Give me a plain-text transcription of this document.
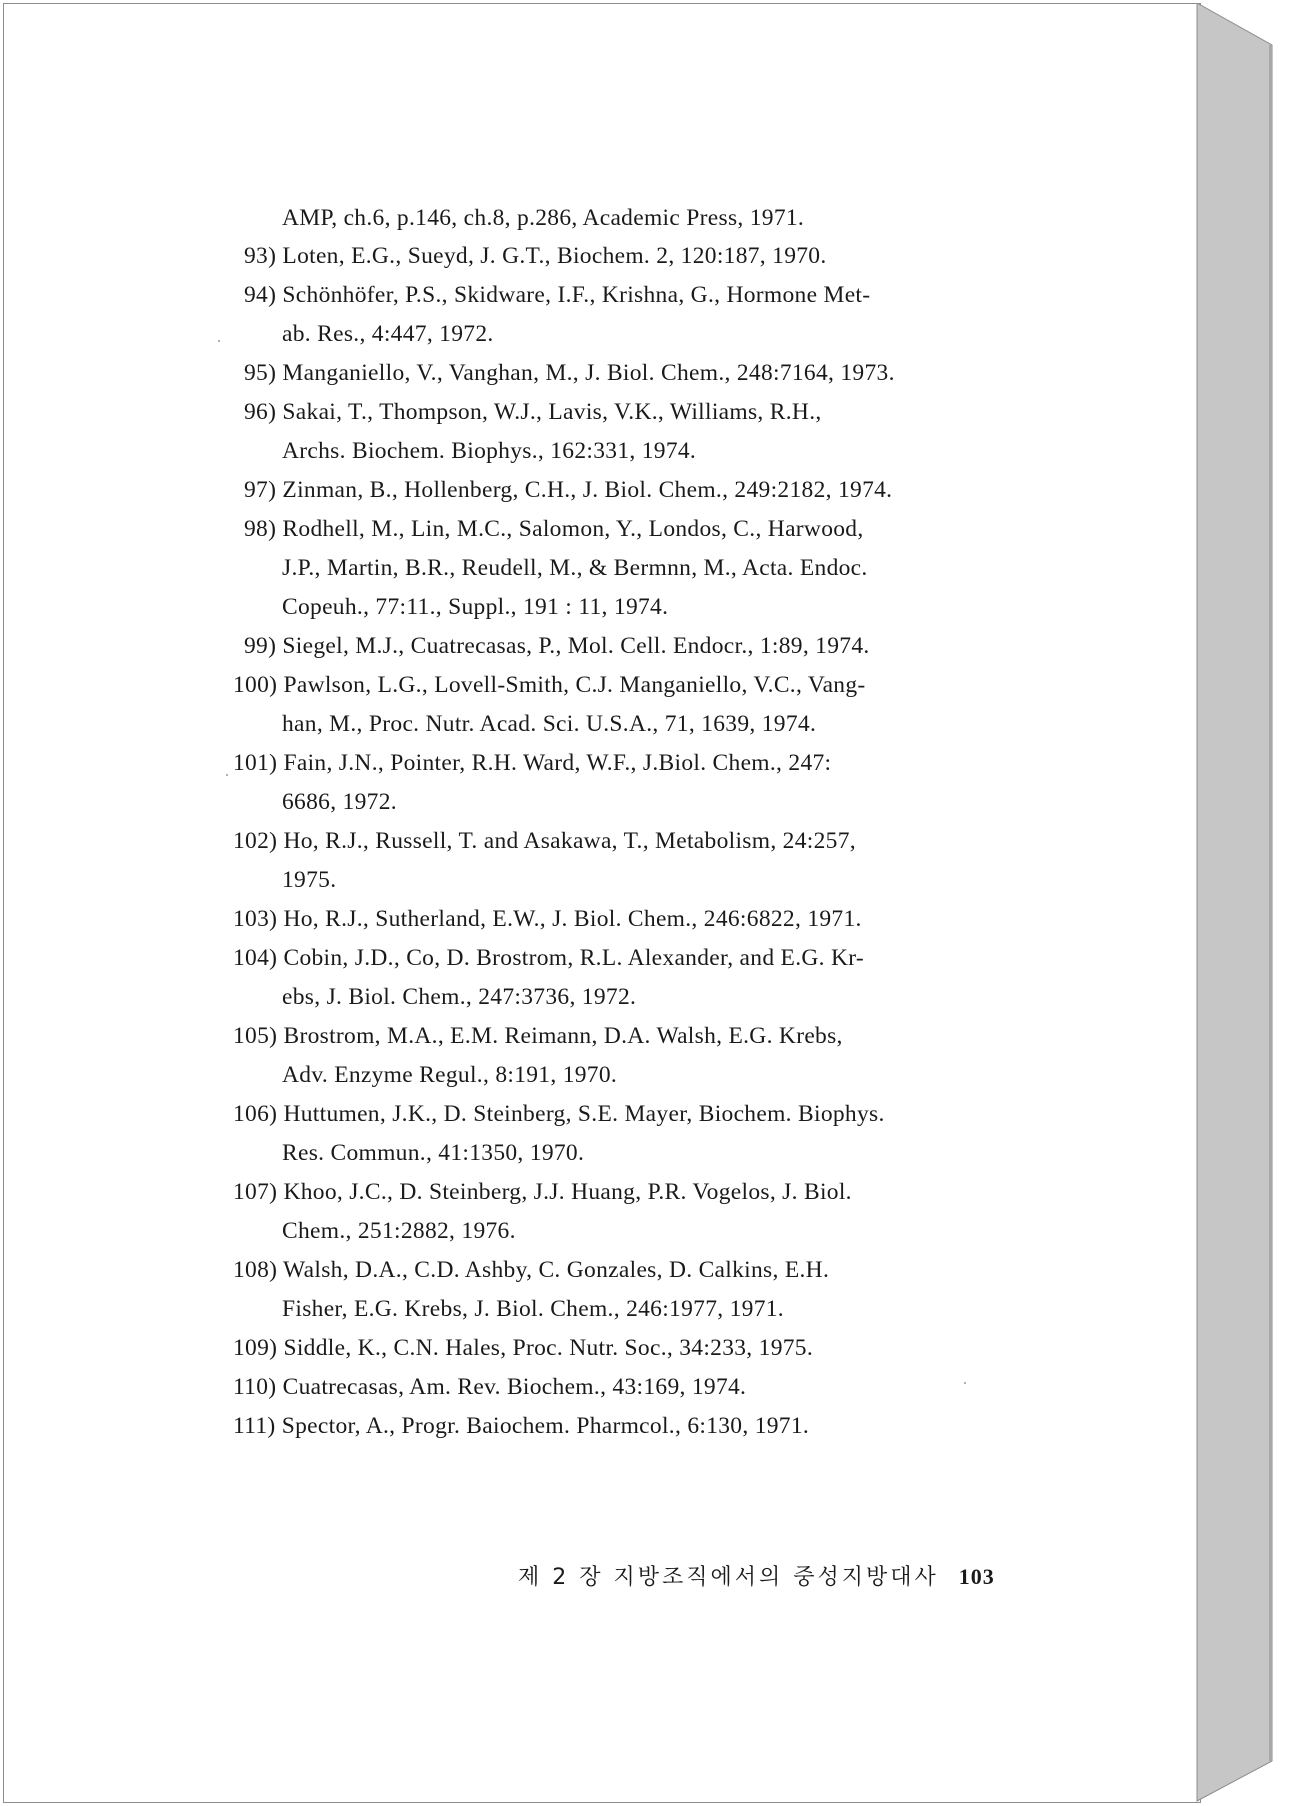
AMP, ch.6, p.146, ch.8, p.286, Academic Press, 1971.
93) Loten, E.G., Sueyd, J. G.T., Biochem. 2, 120:187, 1970.
94) Schönhöfer, P.S., Skidware, I.F., Krishna, G., Hormone Met-
ab. Res., 4:447, 1972.
95) Manganiello, V., Vanghan, M., J. Biol. Chem., 248:7164, 1973.
96) Sakai, T., Thompson, W.J., Lavis, V.K., Williams, R.H.,
Archs. Biochem. Biophys., 162:331, 1974.
97) Zinman, B., Hollenberg, C.H., J. Biol. Chem., 249:2182, 1974.
98) Rodhell, M., Lin, M.C., Salomon, Y., Londos, C., Harwood,
J.P., Martin, B.R., Reudell, M., & Bermnn, M., Acta. Endoc.
Copeuh., 77:11., Suppl., 191 : 11, 1974.
99) Siegel, M.J., Cuatrecasas, P., Mol. Cell. Endocr., 1:89, 1974.
100) Pawlson, L.G., Lovell-Smith, C.J. Manganiello, V.C., Vang-
han, M., Proc. Nutr. Acad. Sci. U.S.A., 71, 1639, 1974.
101) Fain, J.N., Pointer, R.H. Ward, W.F., J.Biol. Chem., 247:
6686, 1972.
102) Ho, R.J., Russell, T. and Asakawa, T., Metabolism, 24:257,
1975.
103) Ho, R.J., Sutherland, E.W., J. Biol. Chem., 246:6822, 1971.
104) Cobin, J.D., Co, D. Brostrom, R.L. Alexander, and E.G. Kr-
ebs, J. Biol. Chem., 247:3736, 1972.
105) Brostrom, M.A., E.M. Reimann, D.A. Walsh, E.G. Krebs,
Adv. Enzyme Regul., 8:191, 1970.
106) Huttumen, J.K., D. Steinberg, S.E. Mayer, Biochem. Biophys.
Res. Commun., 41:1350, 1970.
107) Khoo, J.C., D. Steinberg, J.J. Huang, P.R. Vogelos, J. Biol.
Chem., 251:2882, 1976.
108) Walsh, D.A., C.D. Ashby, C. Gonzales, D. Calkins, E.H.
Fisher, E.G. Krebs, J. Biol. Chem., 246:1977, 1971.
109) Siddle, K., C.N. Hales, Proc. Nutr. Soc., 34:233, 1975.
110) Cuatrecasas, Am. Rev. Biochem., 43:169, 1974.
111) Spector, A., Progr. Baiochem. Pharmcol., 6:130, 1971.
제 2 장 지방조직에서의 중성지방대사 103
